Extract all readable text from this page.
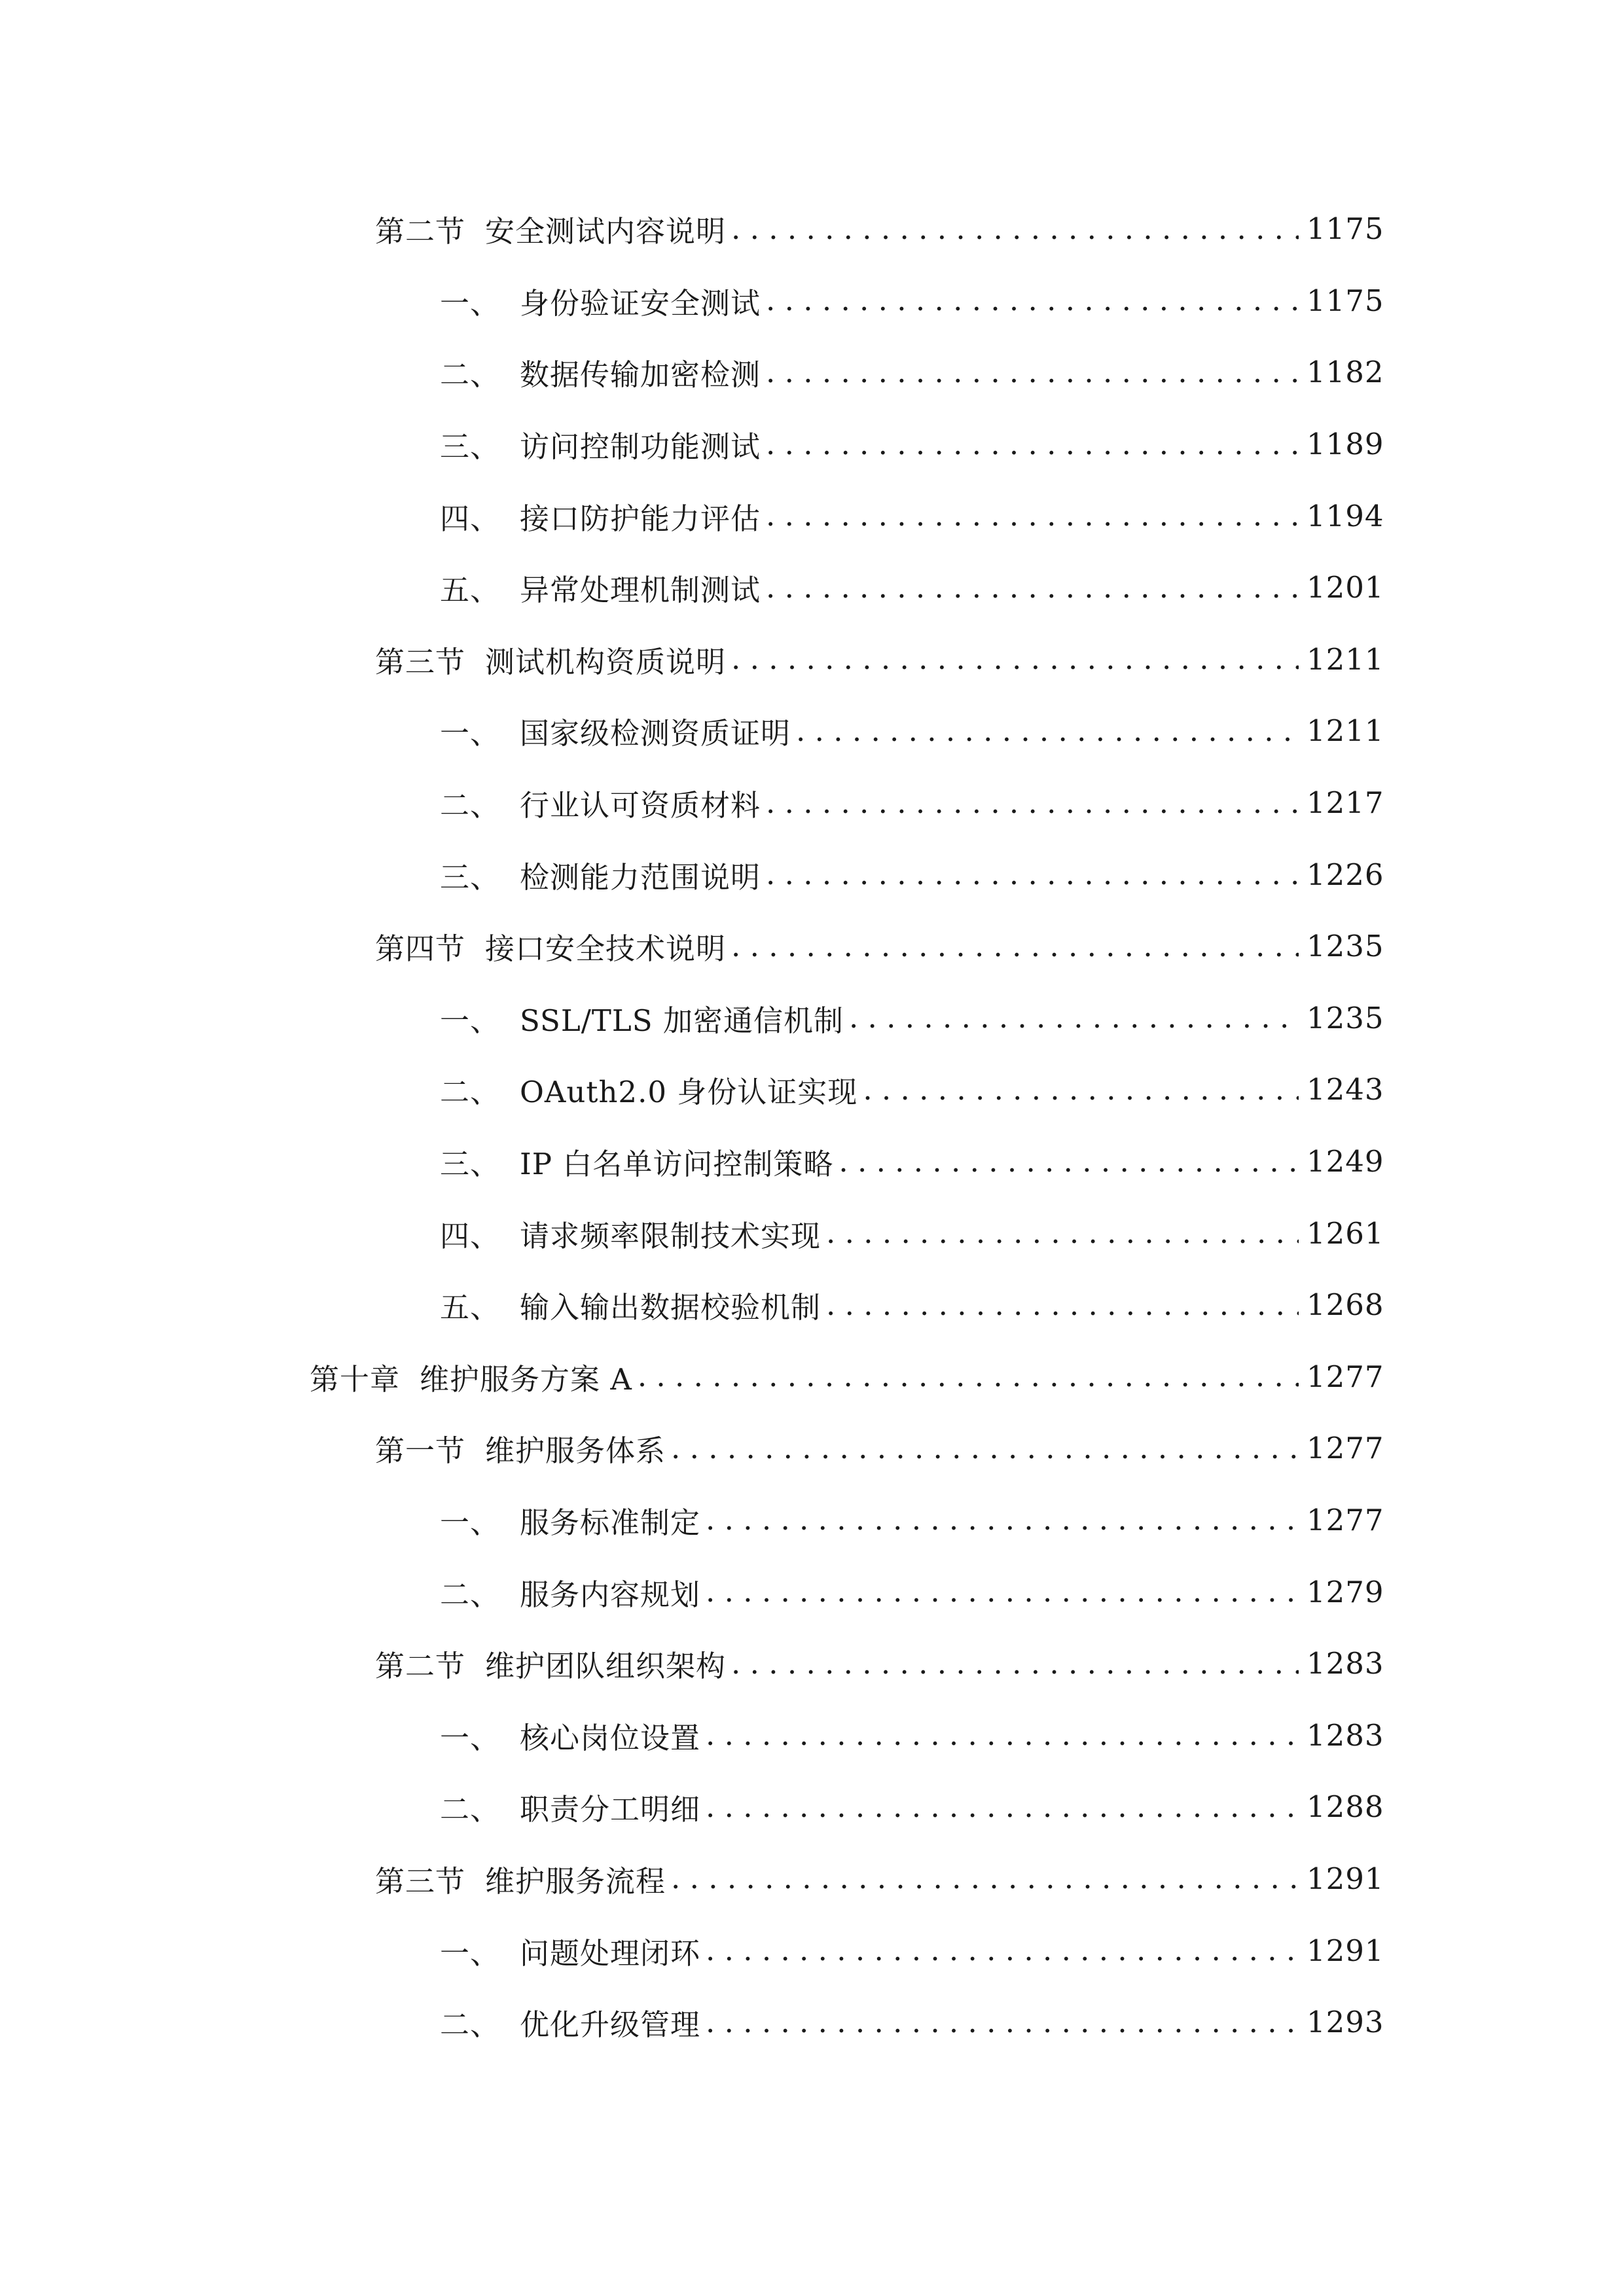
第二节 安全测试内容说明 . . .	1175
一、 身份验证安全测试 . . .	1175
二、 数据传输加密检测 . . .	1182
三、 访问控制功能测试 . . .	1189
四、 接口防护能力评估 . . .	1194
五、 异常处理机制测试 . . .	1201
第三节 测试机构资质说明 . . .	1211
一、 国家级检测资质证明 . . .	1211
二、 行业认可资质材料 . . .	1217
三、 检测能力范围说明 . . .	1226
第四节 接口安全技术说明 . . .	1235
一、 SSL/TLS 加密通信机制 . . .	1235
二、 OAuth2.0 身份认证实现 . . .	1243
三、 IP 白名单访问控制策略 . . .	1249
四、 请求频率限制技术实现 . . .	1261
五、 输入输出数据校验机制 . . .	1268
第十章 维护服务方案 A . . .	1277
第一节 维护服务体系 . . .	1277
一、 服务标准制定 . . .	1277
二、 服务内容规划 . . .	1279
第二节 维护团队组织架构 . . .	1283
一、 核心岗位设置 . . .	1283
二、 职责分工明细 . . .	1288
第三节 维护服务流程 . . .	1291
一、 问题处理闭环 . . .	1291
二、 优化升级管理 . . .	1293
